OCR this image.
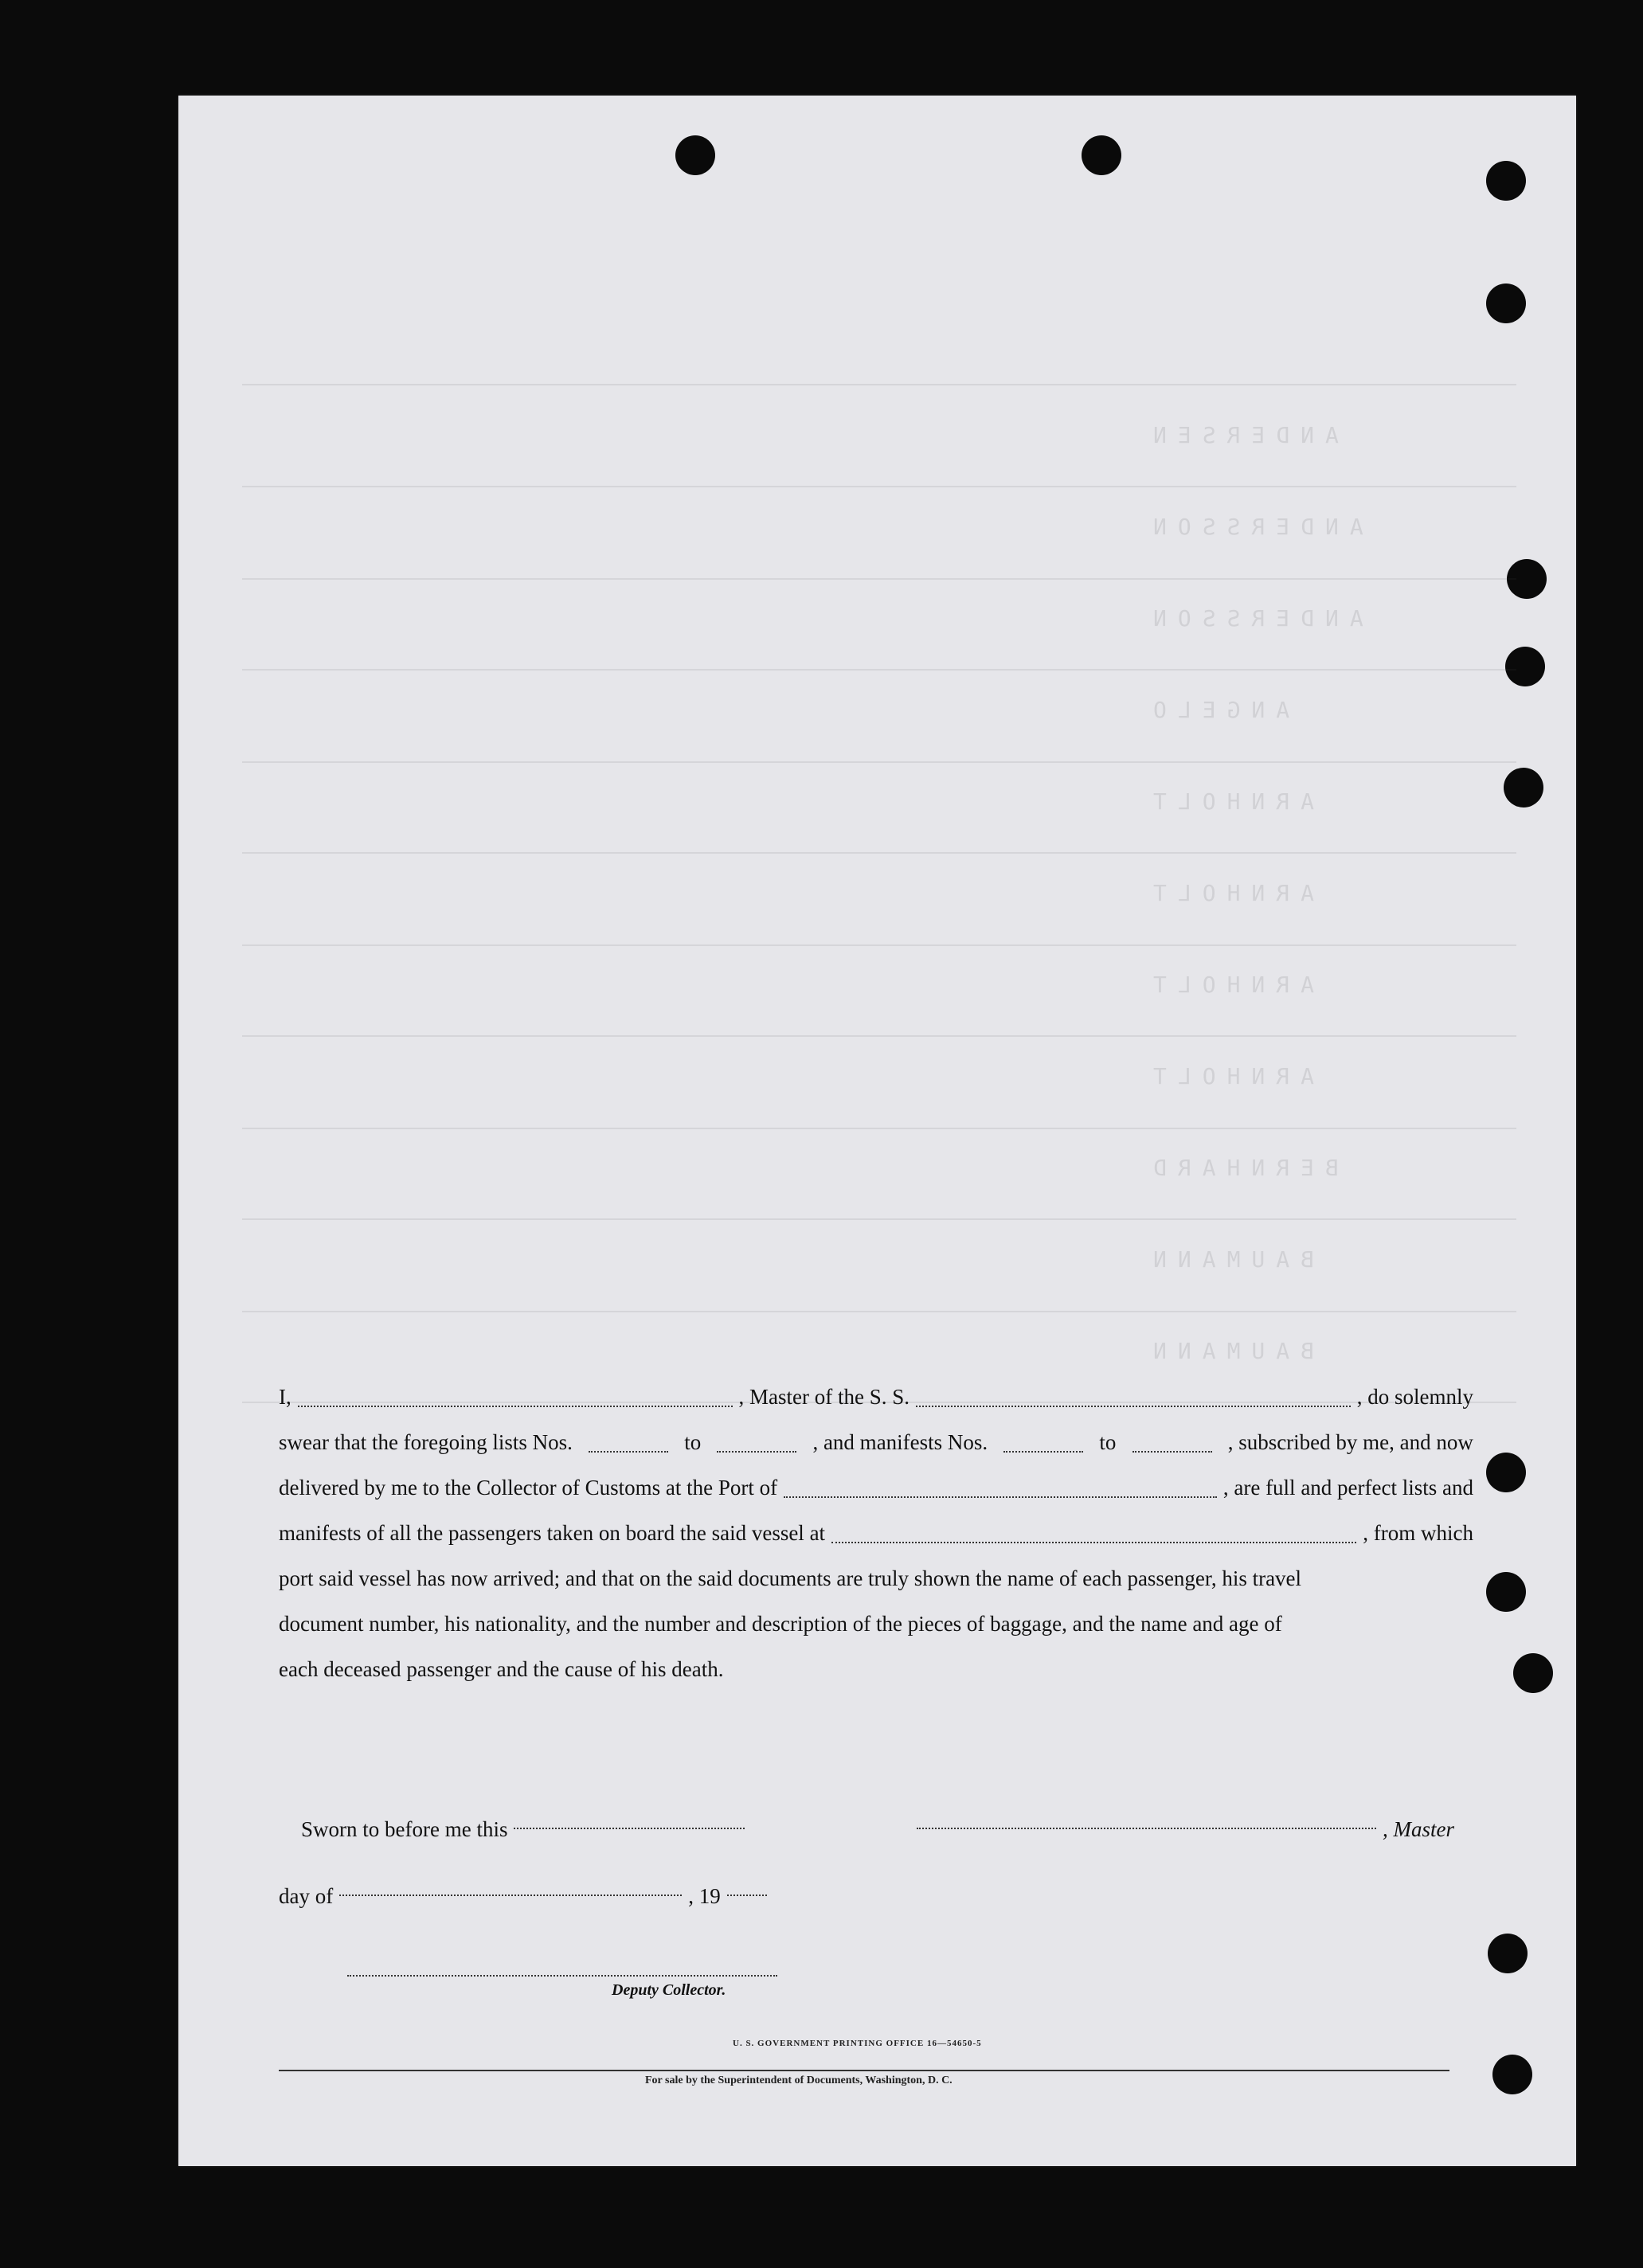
ANDERSEN
ANDERSSON
ANDERSSON
ANGELO
ARNHOLT
ARNHOLT
ARNHOLT
ARNHOLT
BERNHARD
BAUMANN
BAUMANN
I,	, Master of the S. S.	, do solemnly
swear that the foregoing lists Nos.	to	, and manifests Nos.	to	, subscribed by me, and now
delivered by me to the Collector of Customs at the Port of	, are full and perfect lists and
manifests of all the passengers taken on board the said vessel at	, from which
port said vessel has now arrived; and that on the said documents are truly shown the name of each passenger, his travel
document number, his nationality, and the number and description of the pieces of baggage, and the name and age of
each deceased passenger and the cause of his death.
Sworn to before me this	, Master
day of	, 19
Deputy Collector.
U. S. GOVERNMENT PRINTING OFFICE 16—54650-5
For sale by the Superintendent of Documents, Washington, D. C.
